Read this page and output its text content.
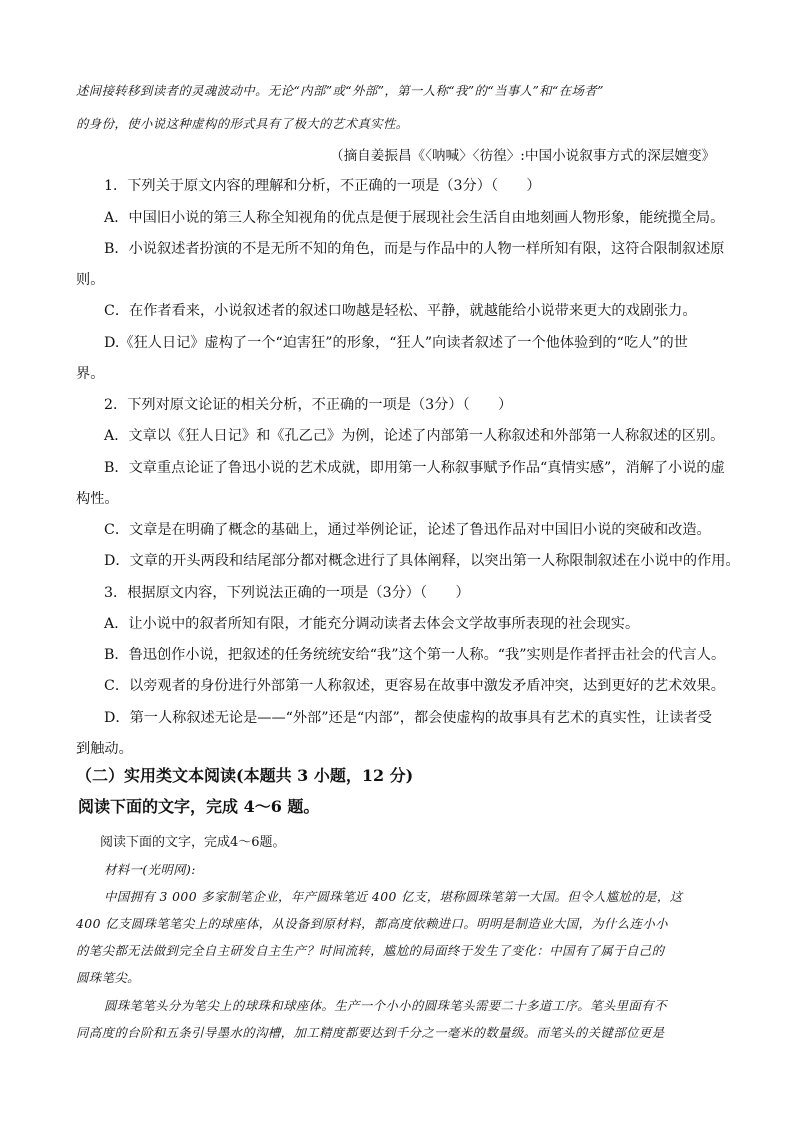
述间接转移到读者的灵魂波动中。无论“内部”或“外部”，第一人称“我”的“当事人”和“在场者”
的身份，使小说这种虚构的形式具有了极大的艺术真实性。
（摘自姜振昌《〈呐喊〉〈彷徨〉:中国小说叙事方式的深层嬗变》
1．下列关于原文内容的理解和分析，不正确的一项是（3分）（　　）
A．中国旧小说的第三人称全知视角的优点是便于展现社会生活自由地刻画人物形象，能统揽全局。
B．小说叙述者扮演的不是无所不知的角色，而是与作品中的人物一样所知有限，这符合限制叙述原
则。
C．在作者看来，小说叙述者的叙述口吻越是轻松、平静，就越能给小说带来更大的戏剧张力。
D.《狂人日记》虚构了一个“迫害狂”的形象，“狂人”向读者叙述了一个他体验到的“吃人”的世
界。
2．下列对原文论证的相关分析，不正确的一项是（3分）（　　）
A．文章以《狂人日记》和《孔乙己》为例，论述了内部第一人称叙述和外部第一人称叙述的区别。
B．文章重点论证了鲁迅小说的艺术成就，即用第一人称叙事赋予作品“真情实感”，消解了小说的虚
构性。
C．文章是在明确了概念的基础上，通过举例论证，论述了鲁迅作品对中国旧小说的突破和改造。
D．文章的开头两段和结尾部分都对概念进行了具体阐释，以突出第一人称限制叙述在小说中的作用。
3．根据原文内容，下列说法正确的一项是（3分）（　　）
A．让小说中的叙者所知有限，才能充分调动读者去体会文学故事所表现的社会现实。
B．鲁迅创作小说，把叙述的任务统统安给“我”这个第一人称。“我”实则是作者抨击社会的代言人。
C．以旁观者的身份进行外部第一人称叙述，更容易在故事中激发矛盾冲突，达到更好的艺术效果。
D．第一人称叙述无论是——“外部”还是“内部”，都会使虚构的故事具有艺术的真实性，让读者受
到触动。
（二）实用类文本阅读(本题共 3 小题，12 分)
阅读下面的文字，完成 4～6 题。
阅读下面的文字，完成4～6题。
材料一(光明网):
中国拥有 3 000 多家制笔企业，年产圆珠笔近 400 亿支，堪称圆珠笔第一大国。但令人尴尬的是，这
400 亿支圆珠笔笔尖上的球座体，从设备到原材料，都高度依赖进口。明明是制造业大国，为什么连小小
的笔尖都无法做到完全自主研发自主生产？时间流转，尴尬的局面终于发生了变化：中国有了属于自己的
圆珠笔尖。
圆珠笔笔头分为笔尖上的球珠和球座体。生产一个小小的圆珠笔头需要二十多道工序。笔头里面有不
同高度的台阶和五条引导墨水的沟槽，加工精度都要达到千分之一毫米的数量级。而笔头的关键部位更是
